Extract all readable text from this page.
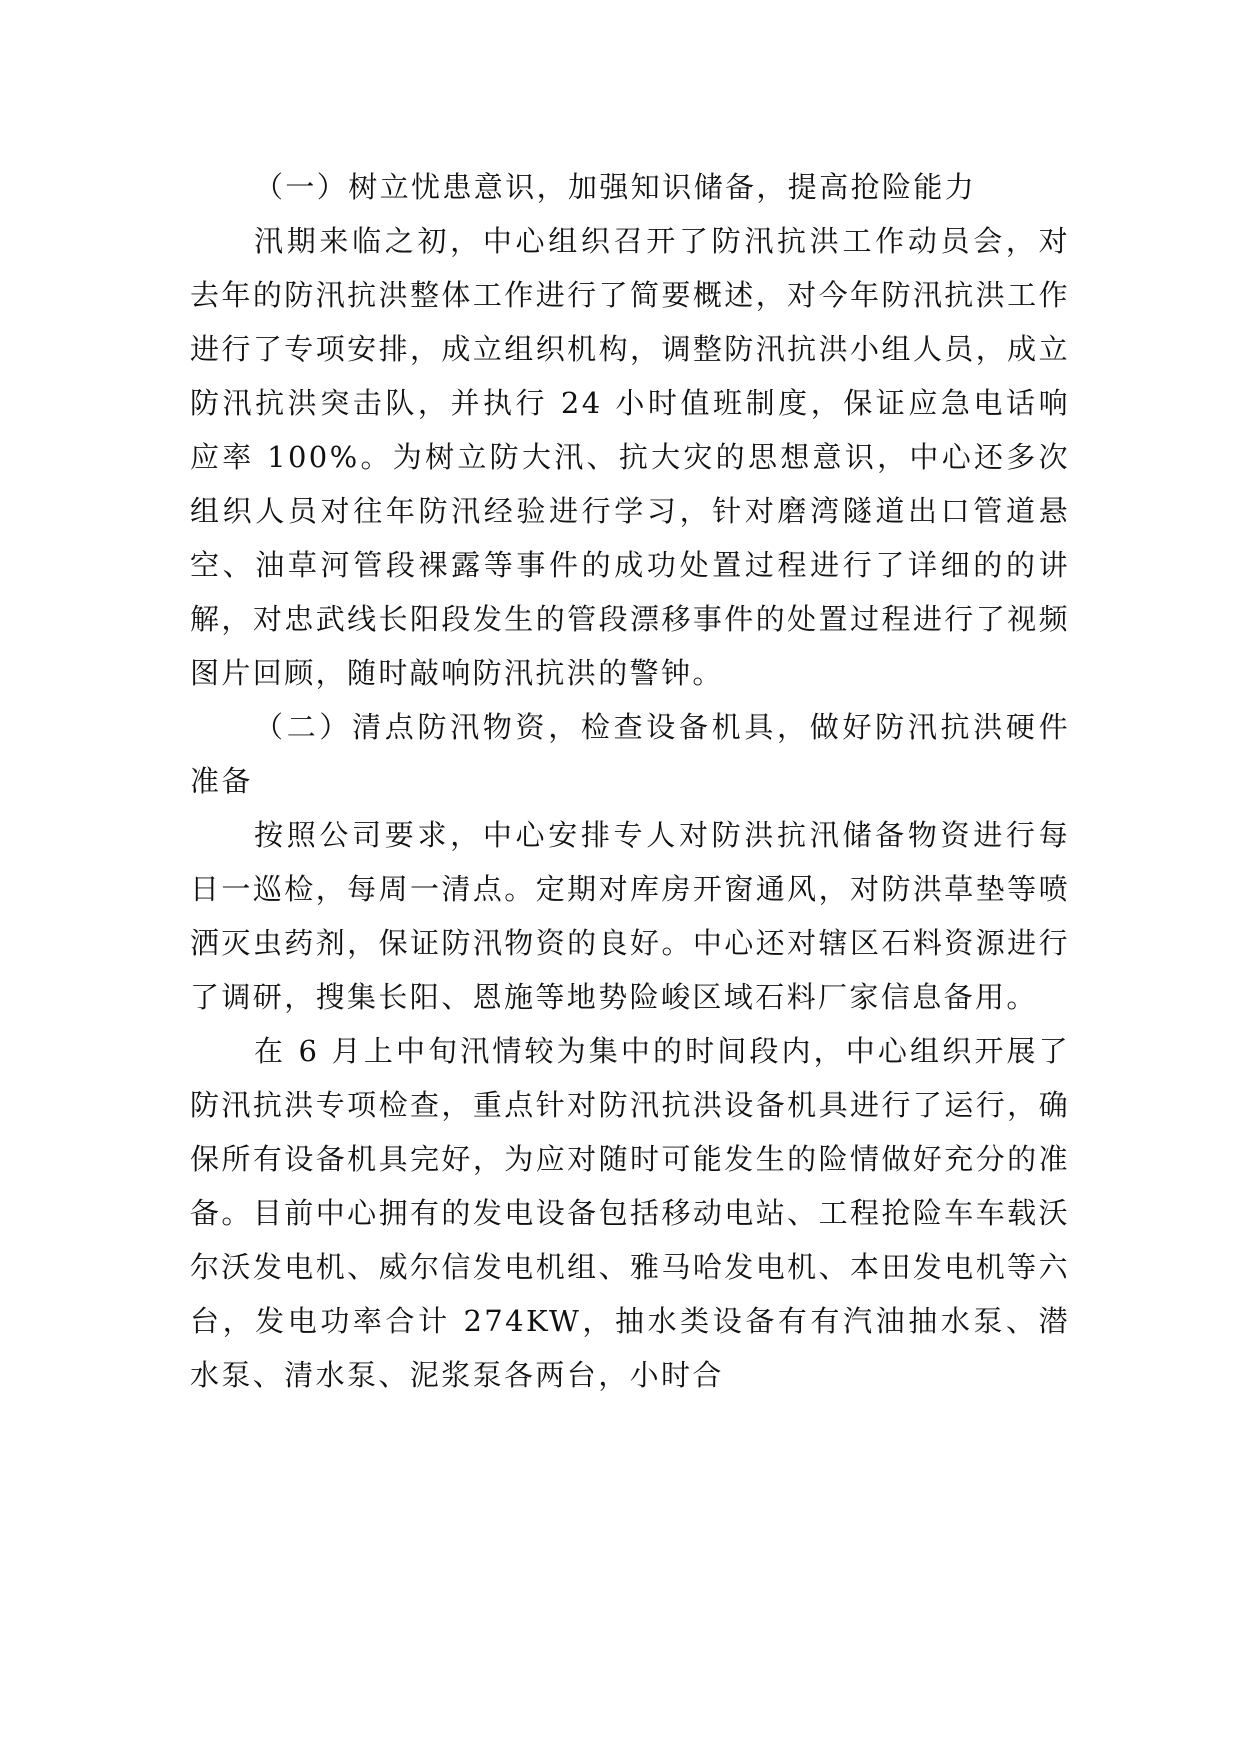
（一）树立忧患意识，加强知识储备，提高抢险能力

汛期来临之初，中心组织召开了防汛抗洪工作动员会，对去年的防汛抗洪整体工作进行了简要概述，对今年防汛抗洪工作进行了专项安排，成立组织机构，调整防汛抗洪小组人员，成立防汛抗洪突击队，并执行 24 小时值班制度，保证应急电话响应率 100%。为树立防大汛、抗大灾的思想意识，中心还多次组织人员对往年防汛经验进行学习，针对磨湾隧道出口管道悬空、油草河管段裸露等事件的成功处置过程进行了详细的的讲解，对忠武线长阳段发生的管段漂移事件的处置过程进行了视频图片回顾，随时敲响防汛抗洪的警钟。

（二）清点防汛物资，检查设备机具，做好防汛抗洪硬件准备

按照公司要求，中心安排专人对防洪抗汛储备物资进行每日一巡检，每周一清点。定期对库房开窗通风，对防洪草垫等喷洒灭虫药剂，保证防汛物资的良好。中心还对辖区石料资源进行了调研，搜集长阳、恩施等地势险峻区域石料厂家信息备用。

在 6 月上中旬汛情较为集中的时间段内，中心组织开展了防汛抗洪专项检查，重点针对防汛抗洪设备机具进行了运行，确保所有设备机具完好，为应对随时可能发生的险情做好充分的准备。目前中心拥有的发电设备包括移动电站、工程抢险车车载沃尔沃发电机、威尔信发电机组、雅马哈发电机、本田发电机等六台，发电功率合计 274KW，抽水类设备有有汽油抽水泵、潜水泵、清水泵、泥浆泵各两台，小时合
